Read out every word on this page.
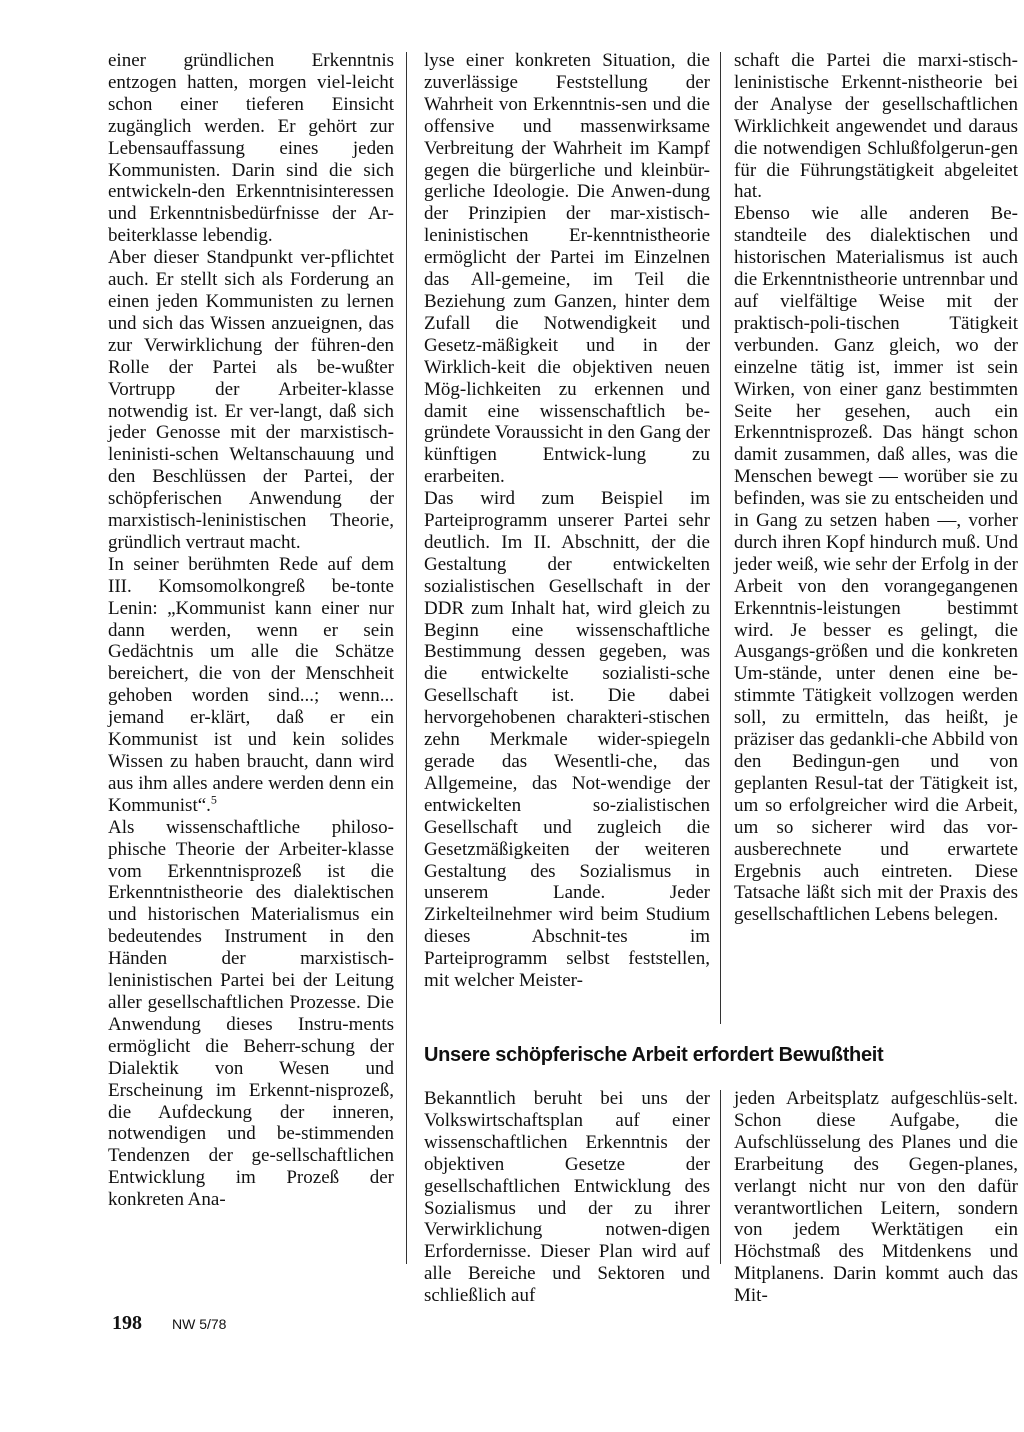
einer gründlichen Erkenntnis entzogen hatten, morgen viel-leicht schon einer tieferen Einsicht zugänglich werden. Er gehört zur Lebensauffassung eines jeden Kommunisten. Darin sind die sich entwickeln-den Erkenntnisinteressen und Erkenntnisbedürfnisse der Ar-beiterklasse lebendig.

Aber dieser Standpunkt ver-pflichtet auch. Er stellt sich als Forderung an einen jeden Kommunisten zu lernen und sich das Wissen anzueignen, das zur Verwirklichung der führen-den Rolle der Partei als be-wußter Vortrupp der Arbeiter-klasse notwendig ist. Er ver-langt, daß sich jeder Genosse mit der marxistisch-leninisti-schen Weltanschauung und den Beschlüssen der Partei, der schöpferischen Anwendung der marxistisch-leninistischen Theorie, gründlich vertraut macht.

In seiner berühmten Rede auf dem III. Komsomolkongreß be-tonte Lenin: „Kommunist kann einer nur dann werden, wenn er sein Gedächtnis um alle die Schätze bereichert, die von der Menschheit gehoben worden sind...; wenn... jemand er-klärt, daß er ein Kommunist ist und kein solides Wissen zu haben braucht, dann wird aus ihm alles andere werden denn ein Kommunist“.$^5$

Als wissenschaftliche philoso-phische Theorie der Arbeiter-klasse vom Erkenntnisprozeß ist die Erkenntnistheorie des dialektischen und historischen Materialismus ein bedeutendes Instrument in den Händen der marxistisch-leninistischen Partei bei der Leitung aller gesellschaftlichen Prozesse. Die Anwendung dieses Instru-ments ermöglicht die Beherr-schung der Dialektik von Wesen und Erscheinung im Erkennt-nisprozeß, die Aufdeckung der inneren, notwendigen und be-stimmenden Tendenzen der ge-sellschaftlichen Entwicklung im Prozeß der konkreten Ana-

lyse einer konkreten Situation, die zuverlässige Feststellung der Wahrheit von Erkenntnis-sen und die offensive und massenwirksame Verbreitung der Wahrheit im Kampf gegen die bürgerliche und kleinbür-gerliche Ideologie. Die Anwen-dung der Prinzipien der mar-xistisch-leninistischen Er-kenntnistheorie ermöglicht der Partei im Einzelnen das All-gemeine, im Teil die Beziehung zum Ganzen, hinter dem Zufall die Notwendigkeit und Gesetz-mäßigkeit und in der Wirklich-keit die objektiven neuen Mög-lichkeiten zu erkennen und damit eine wissenschaftlich be-gründete Voraussicht in den Gang der künftigen Entwick-lung zu erarbeiten.

Das wird zum Beispiel im Parteiprogramm unserer Partei sehr deutlich. Im II. Abschnitt, der die Gestaltung der entwickelten sozialistischen Gesellschaft in der DDR zum Inhalt hat, wird gleich zu Beginn eine wissenschaftliche Bestimmung dessen gegeben, was die entwickelte sozialisti-sche Gesellschaft ist. Die dabei hervorgehobenen charakteri-stischen zehn Merkmale wider-spiegeln gerade das Wesentli-che, das Allgemeine, das Not-wendige der entwickelten so-zialistischen Gesellschaft und zugleich die Gesetzmäßigkeiten der weiteren Gestaltung des Sozialismus in unserem Lande. Jeder Zirkelteilnehmer wird beim Studium dieses Abschnit-tes im Parteiprogramm selbst feststellen, mit welcher Meister-

schaft die Partei die marxi-stisch-leninistische Erkennt-nistheorie bei der Analyse der gesellschaftlichen Wirklichkeit angewendet und daraus die notwendigen Schlußfolgerun-gen für die Führungstätigkeit abgeleitet hat.

Ebenso wie alle anderen Be-standteile des dialektischen und historischen Materialismus ist auch die Erkenntnistheorie untrennbar und auf vielfältige Weise mit der praktisch-poli-tischen Tätigkeit verbunden. Ganz gleich, wo der einzelne tätig ist, immer ist sein Wirken, von einer ganz bestimmten Seite her gesehen, auch ein Erkenntnisprozeß. Das hängt schon damit zusammen, daß alles, was die Menschen bewegt — worüber sie zu befinden, was sie zu entscheiden und in Gang zu setzen haben —, vorher durch ihren Kopf hindurch muß. Und jeder weiß, wie sehr der Erfolg in der Arbeit von den vorangegangenen Erkenntnis-leistungen bestimmt wird. Je besser es gelingt, die Ausgangs-größen und die konkreten Um-stände, unter denen eine be-stimmte Tätigkeit vollzogen werden soll, zu ermitteln, das heißt, je präziser das gedankli-che Abbild von den Bedingun-gen und von geplanten Resul-tat der Tätigkeit ist, um so erfolgreicher wird die Arbeit, um so sicherer wird das vor-ausberechnete und erwartete Ergebnis auch eintreten. Diese Tatsache läßt sich mit der Praxis des gesellschaftlichen Lebens belegen.

Unsere schöpferische Arbeit erfordert Bewußtheit

Bekanntlich beruht bei uns der Volkswirtschaftsplan auf einer wissenschaftlichen Erkenntnis der objektiven Gesetze der gesellschaftlichen Entwicklung des Sozialismus und der zu ihrer Verwirklichung notwen-digen Erfordernisse. Dieser Plan wird auf alle Bereiche und Sektoren und schließlich auf

jeden Arbeitsplatz aufgeschlüs-selt. Schon diese Aufgabe, die Aufschlüsselung des Planes und die Erarbeitung des Gegen-planes, verlangt nicht nur von den dafür verantwortlichen Leitern, sondern von jedem Werktätigen ein Höchstmaß des Mitdenkens und Mitplanens. Darin kommt auch das Mit-

198 NW 5/78
